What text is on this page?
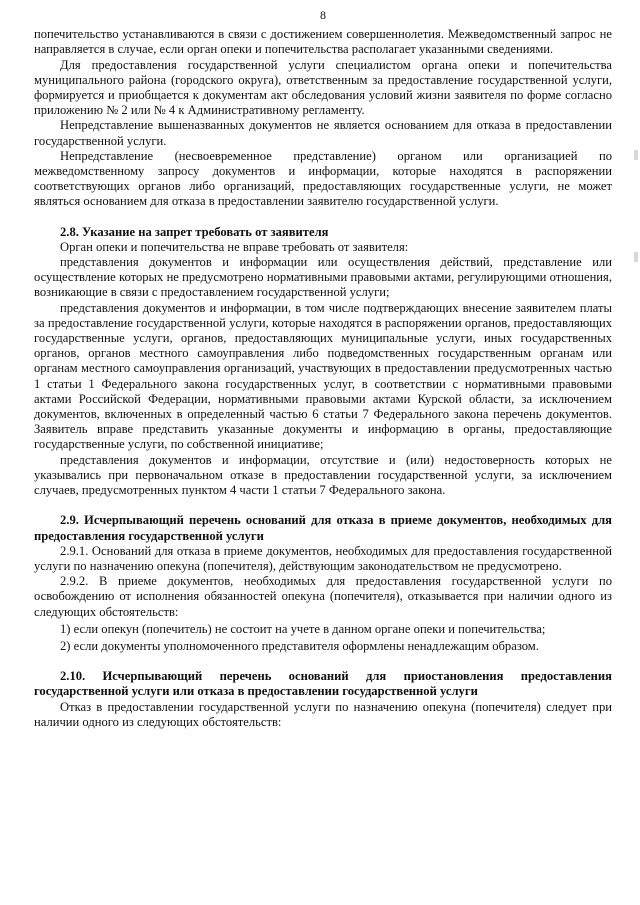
8

попечительство устанавливаются в связи с достижением совершеннолетия. Межведомственный запрос не направляется в случае, если орган опеки и попечительства располагает указанными сведениями.

Для предоставления государственной услуги специалистом органа опеки и попечительства муниципального района (городского округа), ответственным за предоставление государственной услуги, формируется и приобщается к документам акт обследования условий жизни заявителя по форме согласно приложению № 2 или № 4 к Административному регламенту.

Непредставление вышеназванных документов не является основанием для отказа в предоставлении государственной услуги.

Непредставление (несвоевременное представление) органом или организацией по межведомственному запросу документов и информации, которые находятся в распоряжении соответствующих органов либо организаций, предоставляющих государственные услуги, не может являться основанием для отказа в предоставлении заявителю государственной услуги.

2.8. Указание на запрет требовать от заявителя

Орган опеки и попечительства не вправе требовать от заявителя:

представления документов и информации или осуществления действий, представление или осуществление которых не предусмотрено нормативными правовыми актами, регулирующими отношения, возникающие в связи с предоставлением государственной услуги;

представления документов и информации, в том числе подтверждающих внесение заявителем платы за предоставление государственной услуги, которые находятся в распоряжении органов, предоставляющих государственные услуги, органов, предоставляющих муниципальные услуги, иных государственных органов, органов местного самоуправления либо подведомственных государственным органам или органам местного самоуправления организаций, участвующих в предоставлении предусмотренных частью 1 статьи 1 Федерального закона государственных услуг, в соответствии с нормативными правовыми актами Российской Федерации, нормативными правовыми актами Курской области, за исключением документов, включенных в определенный частью 6 статьи 7 Федерального закона перечень документов. Заявитель вправе представить указанные документы и информацию в органы, предоставляющие государственные услуги, по собственной инициативе;

представления документов и информации, отсутствие и (или) недостоверность которых не указывались при первоначальном отказе в предоставлении государственной услуги, за исключением случаев, предусмотренных пунктом 4 части 1 статьи 7 Федерального закона.

2.9. Исчерпывающий перечень оснований для отказа в приеме документов, необходимых для предоставления государственной услуги

2.9.1. Оснований для отказа в приеме документов, необходимых для предоставления государственной услуги по назначению опекуна (попечителя), действующим законодательством не предусмотрено.

2.9.2. В приеме документов, необходимых для предоставления государственной услуги по освобождению от исполнения обязанностей опекуна (попечителя), отказывается при наличии одного из следующих обстоятельств:

1) если опекун (попечитель) не состоит на учете в данном органе опеки и попечительства;

2) если документы уполномоченного представителя оформлены ненадлежащим образом.

2.10. Исчерпывающий перечень оснований для приостановления предоставления государственной услуги или отказа в предоставлении государственной услуги

Отказ в предоставлении государственной услуги по назначению опекуна (попечителя) следует при наличии одного из следующих обстоятельств:
